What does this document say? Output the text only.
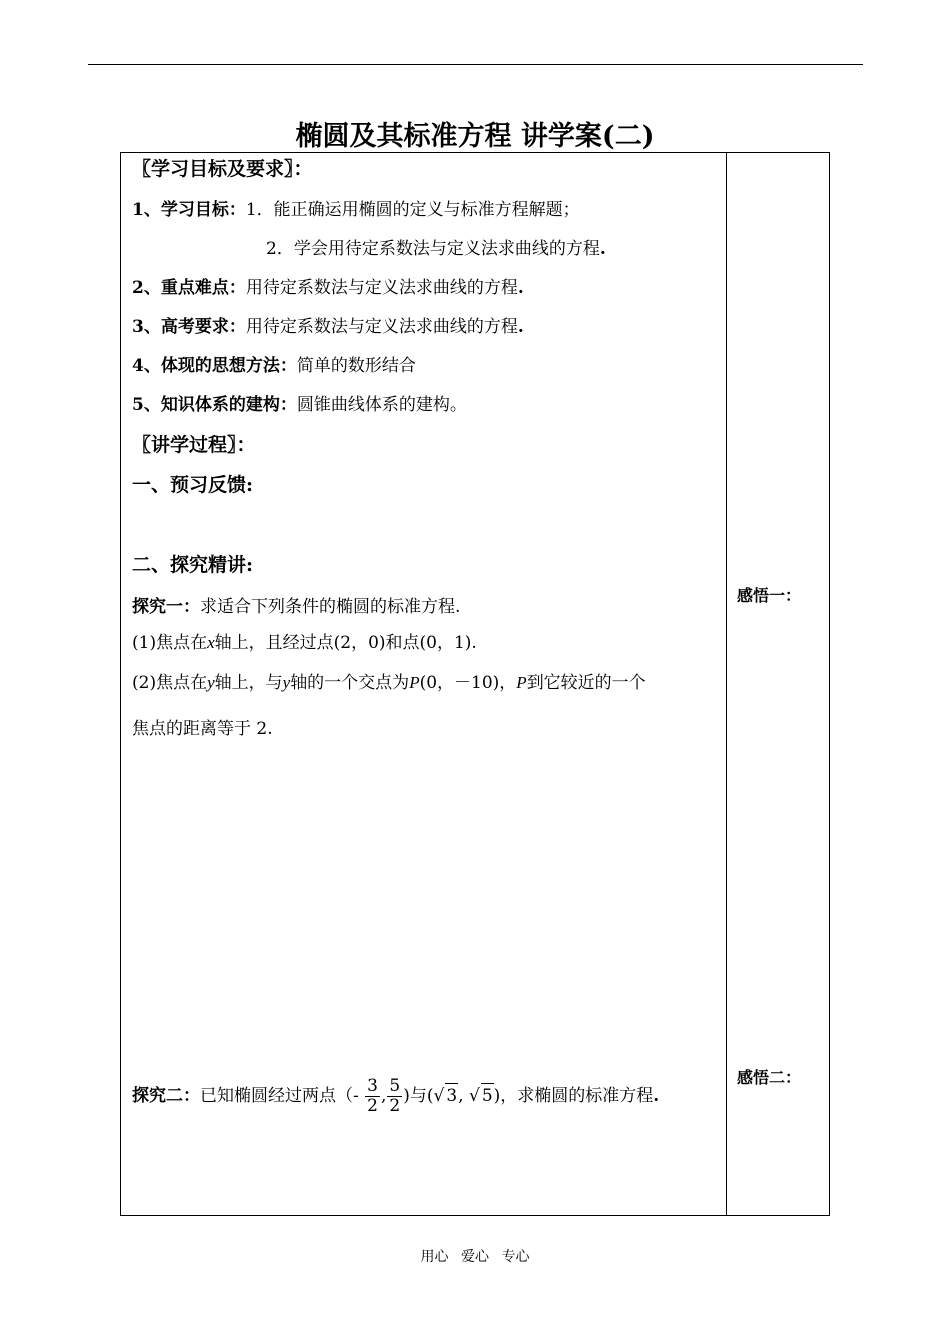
椭圆及其标准方程 讲学案(二)
〖学习目标及要求〗：
1、学习目标：1．能正确运用椭圆的定义与标准方程解题；
2．学会用待定系数法与定义法求曲线的方程.
2、重点难点：用待定系数法与定义法求曲线的方程.
3、高考要求：用待定系数法与定义法求曲线的方程.
4、体现的思想方法：简单的数形结合
5、知识体系的建构：圆锥曲线体系的建构。
〖讲学过程〗：
一、预习反馈:
二、探究精讲:
探究一：求适合下列条件的椭圆的标准方程.
(1)焦点在x轴上，且经过点(2，0)和点(0，1).
(2)焦点在y轴上，与y轴的一个交点为P(0，－10)，P到它较近的一个
焦点的距离等于 2.
探究二：已知椭圆经过两点（- $\frac{3}{2}$ , $\frac{5}{2}$ )与(√ 3, √ 5)，求椭圆的标准方程.
感悟一：
感悟二：
用心 爱心 专心
